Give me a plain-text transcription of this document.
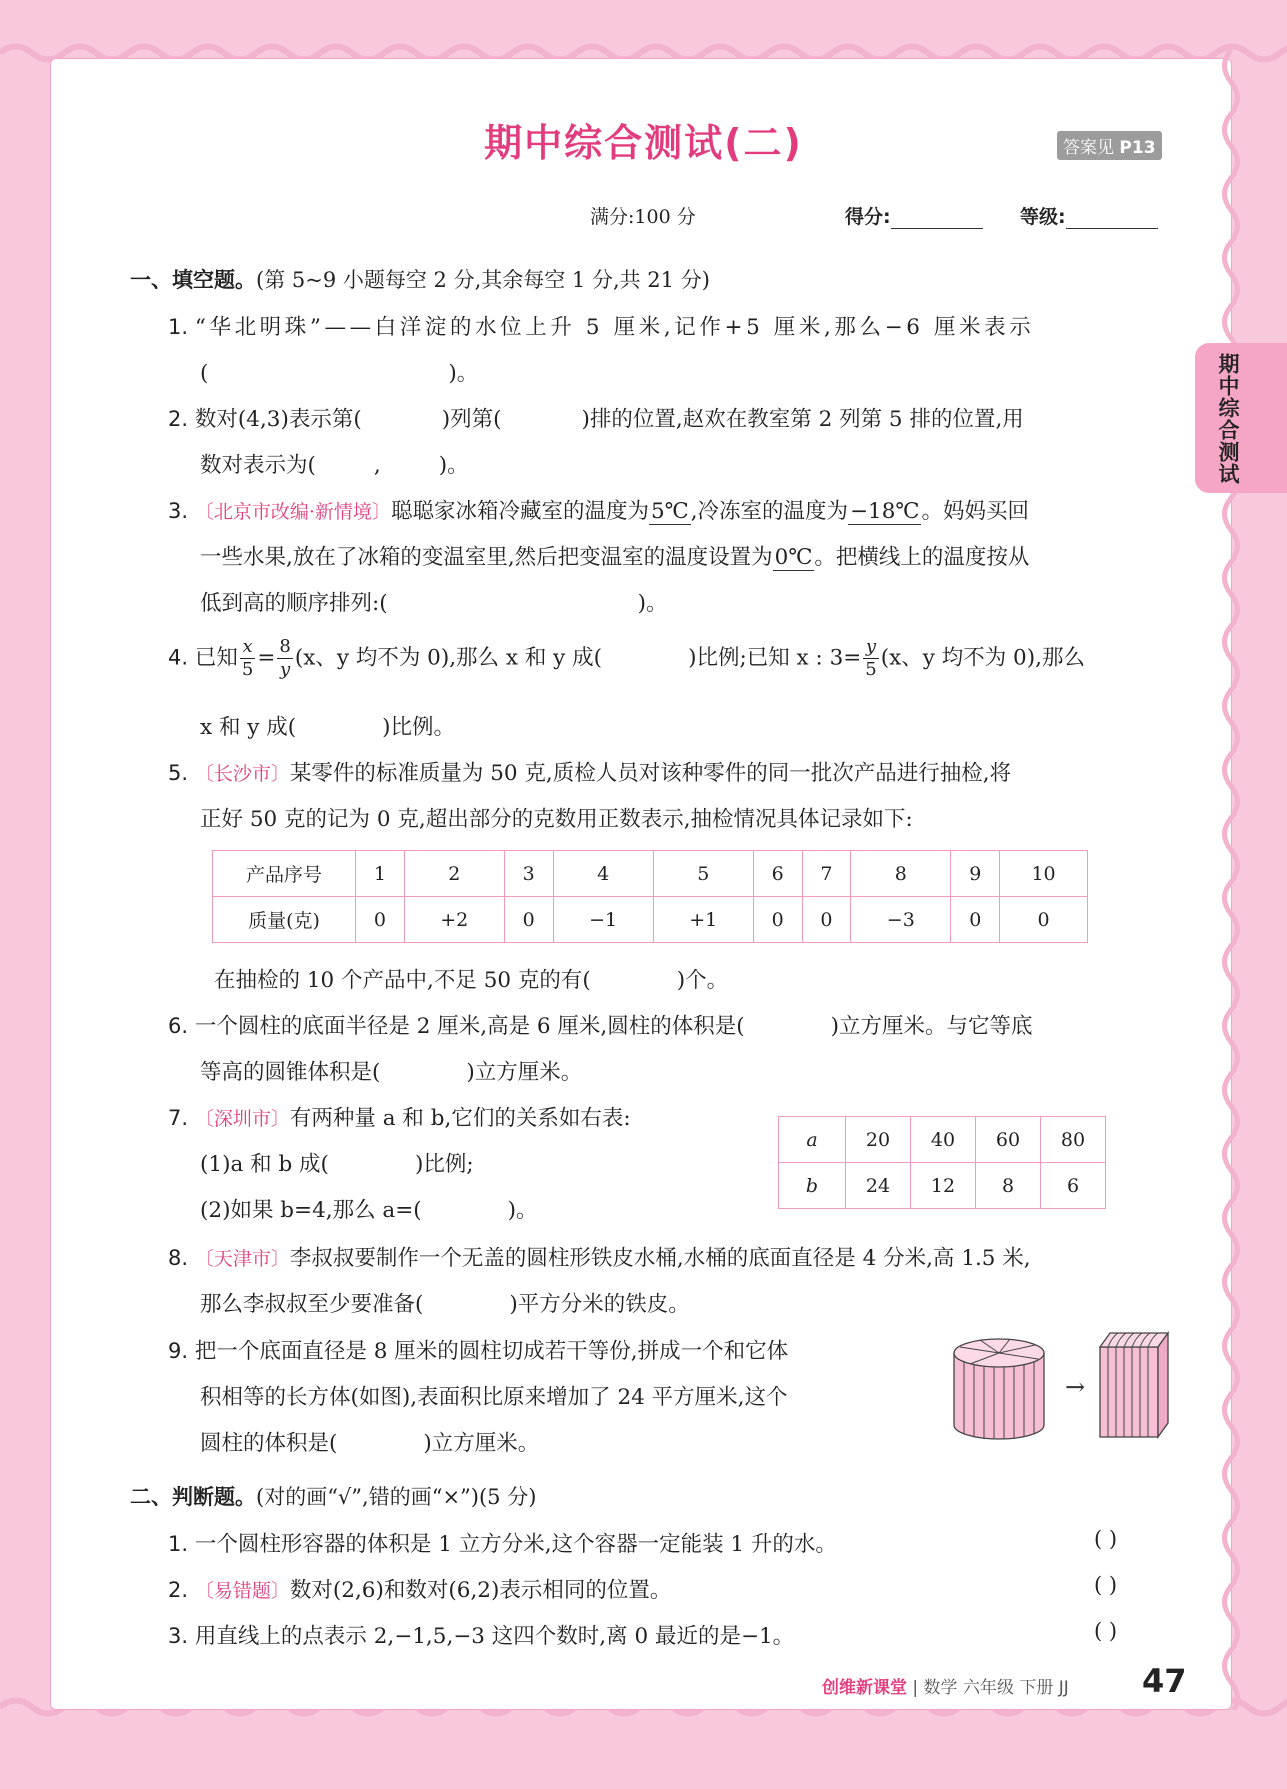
期中综合测试(二)	答案见 P13
满分:100 分	得分:	等级:
期中综合测试
一、填空题。(第 5~9 小题每空 2 分,其余每空 1 分,共 21 分)
1. “华北明珠”——白洋淀的水位上升 5 厘米,记作+5 厘米,那么−6 厘米表示
(	)。
2. 数对(4,3)表示第(	)列第(	)排的位置,赵欢在教室第 2 列第 5 排的位置,用
数对表示为(	,	)。
3. 〔北京市改编·新情境〕聪聪家冰箱冷藏室的温度为5℃,冷冻室的温度为−18℃。妈妈买回
一些水果,放在了冰箱的变温室里,然后把变温室的温度设置为0℃。把横线上的温度按从
低到高的顺序排列:(	)。
4. 已知 $\frac{x}{5} = \frac{8}{y} (x$、y 均不为 0),那么 x 和 y 成(	)比例;已知 x : $3= \frac{y}{5} (x$、y 均不为 0),那么
x 和 y 成(	)比例。
5. 〔长沙市〕某零件的标准质量为 50 克,质检人员对该种零件的同一批次产品进行抽检,将
正好 50 克的记为 0 克,超出部分的克数用正数表示,抽检情况具体记录如下:
产品序号	1	2	3	4	5	6	7	8	9	10
质量(克)	0	+2	0	−1	+1	0	0	−3	0	0
在抽检的 10 个产品中,不足 50 克的有(	)个。
6. 一个圆柱的底面半径是 2 厘米,高是 6 厘米,圆柱的体积是(	)立方厘米。与它等底
等高的圆锥体积是(	)立方厘米。
7. 〔深圳市〕有两种量 a 和 b,它们的关系如右表:
(1)a 和 b 成(	)比例;
(2)如果 b=4,那么 a=(	)。
a	20	40	60	80
b	24	12	8	6
8. 〔天津市〕李叔叔要制作一个无盖的圆柱形铁皮水桶,水桶的底面直径是 4 分米,高 1.5 米,
那么李叔叔至少要准备(	)平方分米的铁皮。
9. 把一个底面直径是 8 厘米的圆柱切成若干等份,拼成一个和它体
积相等的长方体(如图),表面积比原来增加了 24 平方厘米,这个
圆柱的体积是(	)立方厘米。
→
二、判断题。(对的画“√”,错的画“×”)(5 分)
1. 一个圆柱形容器的体积是 1 立方分米,这个容器一定能装 1 升的水。	( )
2. 〔易错题〕数对(2,6)和数对(6,2)表示相同的位置。	( )
3. 用直线上的点表示 2,−1,5,−3 这四个数时,离 0 最近的是−1。	( )
创维新课堂 | 数学 六年级 下册 JJ 47
